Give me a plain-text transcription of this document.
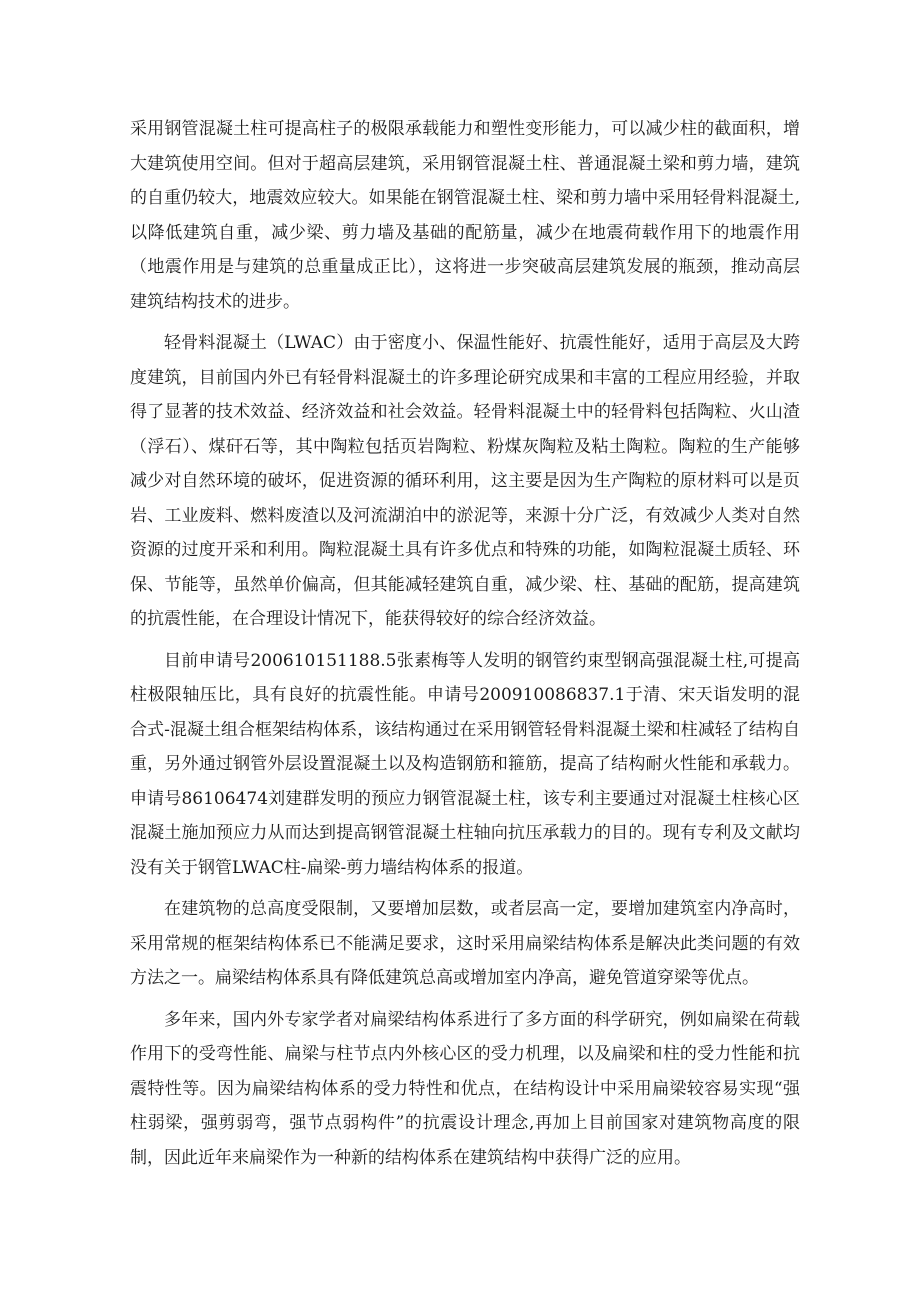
采用钢管混凝土柱可提高柱子的极限承载能力和塑性变形能力，可以减少柱的截面积，增大建筑使用空间。但对于超高层建筑，采用钢管混凝土柱、普通混凝土梁和剪力墙，建筑的自重仍较大，地震效应较大。如果能在钢管混凝土柱、梁和剪力墙中采用轻骨料混凝土,以降低建筑自重，减少梁、剪力墙及基础的配筋量，减少在地震荷载作用下的地震作用（地震作用是与建筑的总重量成正比），这将进一步突破高层建筑发展的瓶颈，推动高层建筑结构技术的进步。

轻骨料混凝土（LWAC）由于密度小、保温性能好、抗震性能好，适用于高层及大跨度建筑，目前国内外已有轻骨料混凝土的许多理论研究成果和丰富的工程应用经验，并取得了显著的技术效益、经济效益和社会效益。轻骨料混凝土中的轻骨料包括陶粒、火山渣（浮石）、煤矸石等，其中陶粒包括页岩陶粒、粉煤灰陶粒及粘土陶粒。陶粒的生产能够减少对自然环境的破坏，促进资源的循环利用，这主要是因为生产陶粒的原材料可以是页岩、工业废料、燃料废渣以及河流湖泊中的淤泥等，来源十分广泛，有效减少人类对自然资源的过度开采和利用。陶粒混凝土具有许多优点和特殊的功能，如陶粒混凝土质轻、环保、节能等，虽然单价偏高，但其能减轻建筑自重，减少梁、柱、基础的配筋，提高建筑的抗震性能，在合理设计情况下，能获得较好的综合经济效益。

目前申请号200610151188.5张素梅等人发明的钢管约束型钢高强混凝土柱,可提高柱极限轴压比，具有良好的抗震性能。申请号200910086837.1于清、宋天诣发明的混合式-混凝土组合框架结构体系，该结构通过在采用钢管轻骨料混凝土梁和柱减轻了结构自重，另外通过钢管外层设置混凝土以及构造钢筋和箍筋，提高了结构耐火性能和承载力。申请号86106474刘建群发明的预应力钢管混凝土柱，该专利主要通过对混凝土柱核心区混凝土施加预应力从而达到提高钢管混凝土柱轴向抗压承载力的目的。现有专利及文献均没有关于钢管LWAC柱-扁梁-剪力墙结构体系的报道。

在建筑物的总高度受限制，又要增加层数，或者层高一定，要增加建筑室内净高时，采用常规的框架结构体系已不能满足要求，这时采用扁梁结构体系是解决此类问题的有效方法之一。扁梁结构体系具有降低建筑总高或增加室内净高，避免管道穿梁等优点。

多年来，国内外专家学者对扁梁结构体系进行了多方面的科学研究，例如扁梁在荷载作用下的受弯性能、扁梁与柱节点内外核心区的受力机理，以及扁梁和柱的受力性能和抗震特性等。因为扁梁结构体系的受力特性和优点，在结构设计中采用扁梁较容易实现“强柱弱梁，强剪弱弯，强节点弱构件”的抗震设计理念,再加上目前国家对建筑物高度的限制，因此近年来扁梁作为一种新的结构体系在建筑结构中获得广泛的应用。
